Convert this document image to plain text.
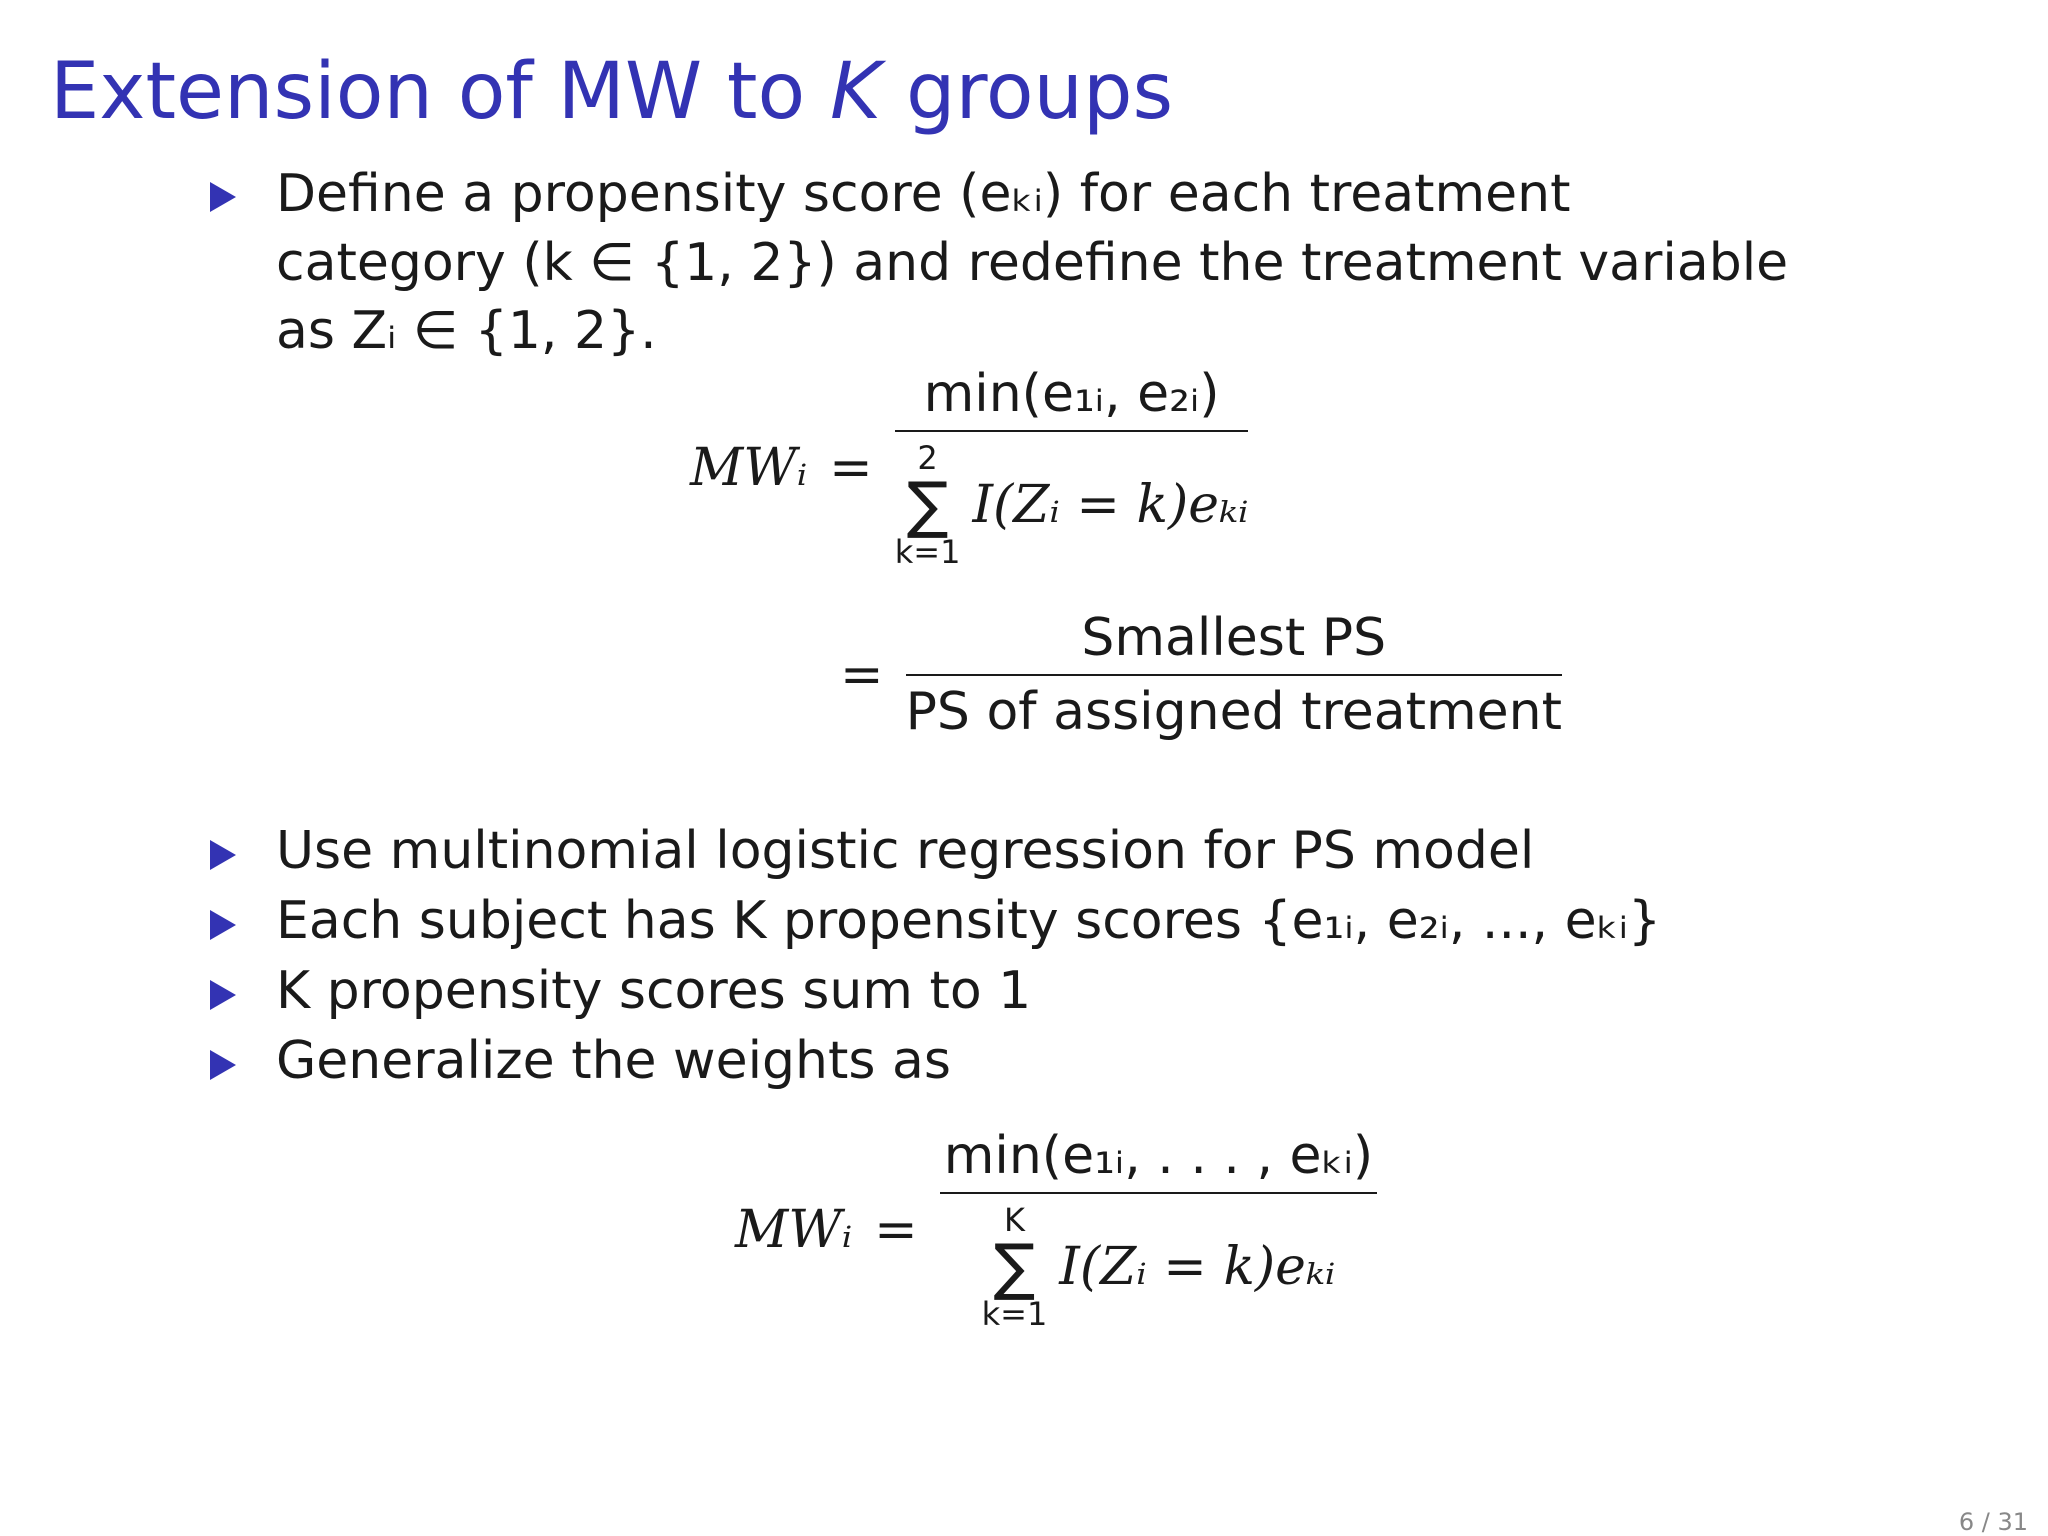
Extension of MW to K groups
Define a propensity score (eₖᵢ) for each treatment category (k ∈ {1, 2}) and redefine the treatment variable as Zᵢ ∈ {1, 2}.
MWᵢ = min(e₁ᵢ, e₂ᵢ)
2
∑
k=1
I(Zᵢ = k)eₖᵢ
= $\frac{\text{Smallest PS}}{\text{PS of assigned treatment}}$
Use multinomial logistic regression for PS model
Each subject has K propensity scores {e₁ᵢ, e₂ᵢ, ..., eₖᵢ}
K propensity scores sum to 1
Generalize the weights as
MWᵢ = min(e₁ᵢ, . . . , eₖᵢ)
K
∑
k=1
I(Zᵢ = k)eₖᵢ
6 / 31
